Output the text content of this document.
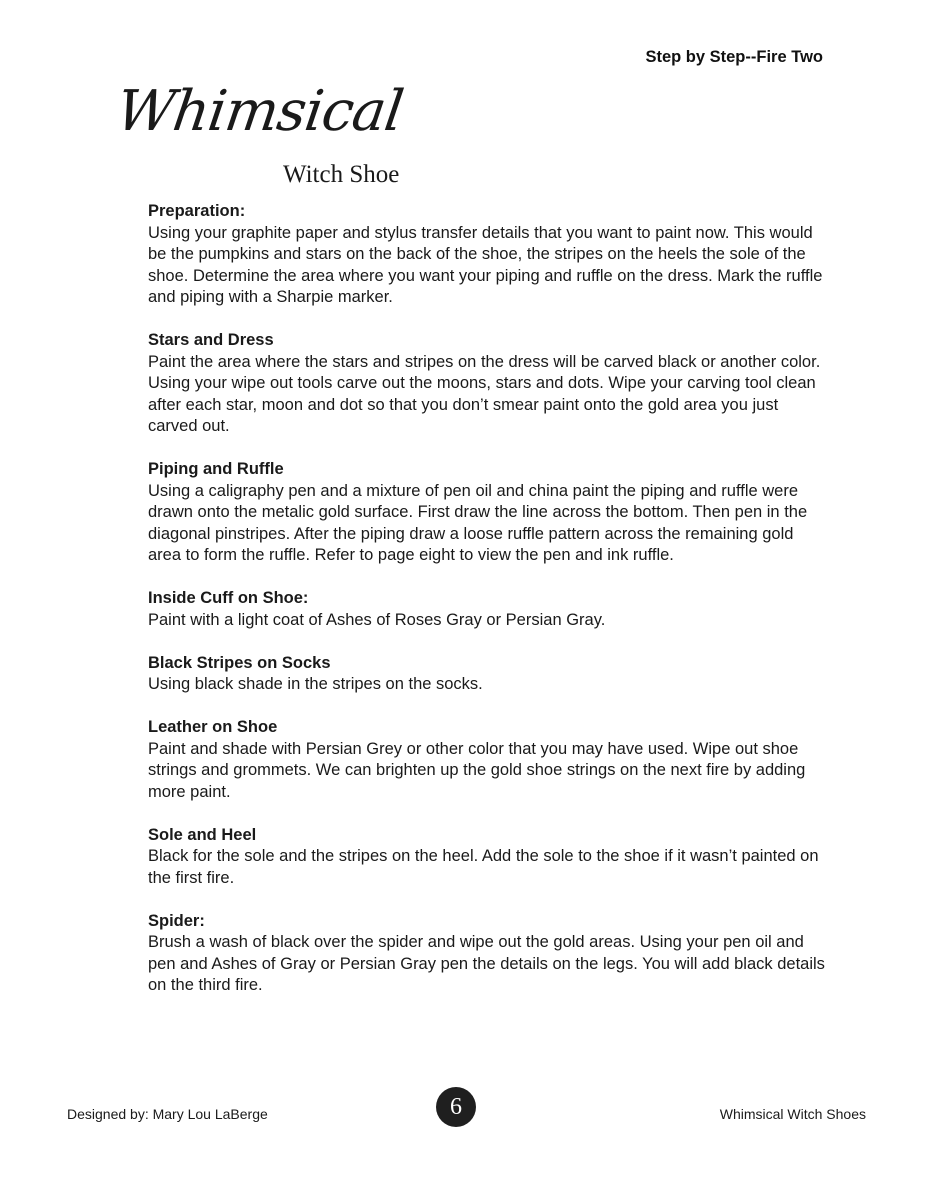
Step by Step--Fire Two
Whimsical
Witch Shoe
Preparation:
Using your graphite paper and stylus transfer details that you want to paint now. This would be the pumpkins and stars on the back of the shoe, the stripes on the heels the sole of the shoe. Determine the area where you want your piping and ruffle on the dress. Mark the ruffle and piping with a Sharpie marker.
Stars and Dress
Paint the area where the stars and stripes on the dress will be carved black or another color. Using your wipe out tools carve out the moons, stars and dots. Wipe your carving tool clean after each star, moon and dot so that you don’t smear paint onto the gold area you just carved out.
Piping and Ruffle
Using a caligraphy pen and a mixture of pen oil and china paint the piping and ruffle were drawn onto the metalic gold surface. First draw the line across the bottom. Then pen in the diagonal pinstripes. After the piping draw a loose ruffle pattern across the remaining gold area to form the ruffle. Refer to page eight to view the pen and ink ruffle.
Inside Cuff on Shoe:
Paint with a light coat of Ashes of Roses Gray or Persian Gray.
Black Stripes on Socks
Using black shade in the stripes on the socks.
Leather on Shoe
Paint and shade with Persian Grey or other color that you may have used. Wipe out shoe strings and grommets. We can brighten up the gold shoe strings on the next fire by adding more paint.
Sole and Heel
Black for the sole and the stripes on the heel. Add the sole to the shoe if it wasn’t painted on the first fire.
Spider:
Brush a wash of black over the spider and wipe out the gold areas. Using your pen oil and pen and Ashes of Gray or Persian Gray pen the details on the legs. You will add black details on the third fire.
Designed by: Mary Lou LaBerge	6	Whimsical Witch Shoes
